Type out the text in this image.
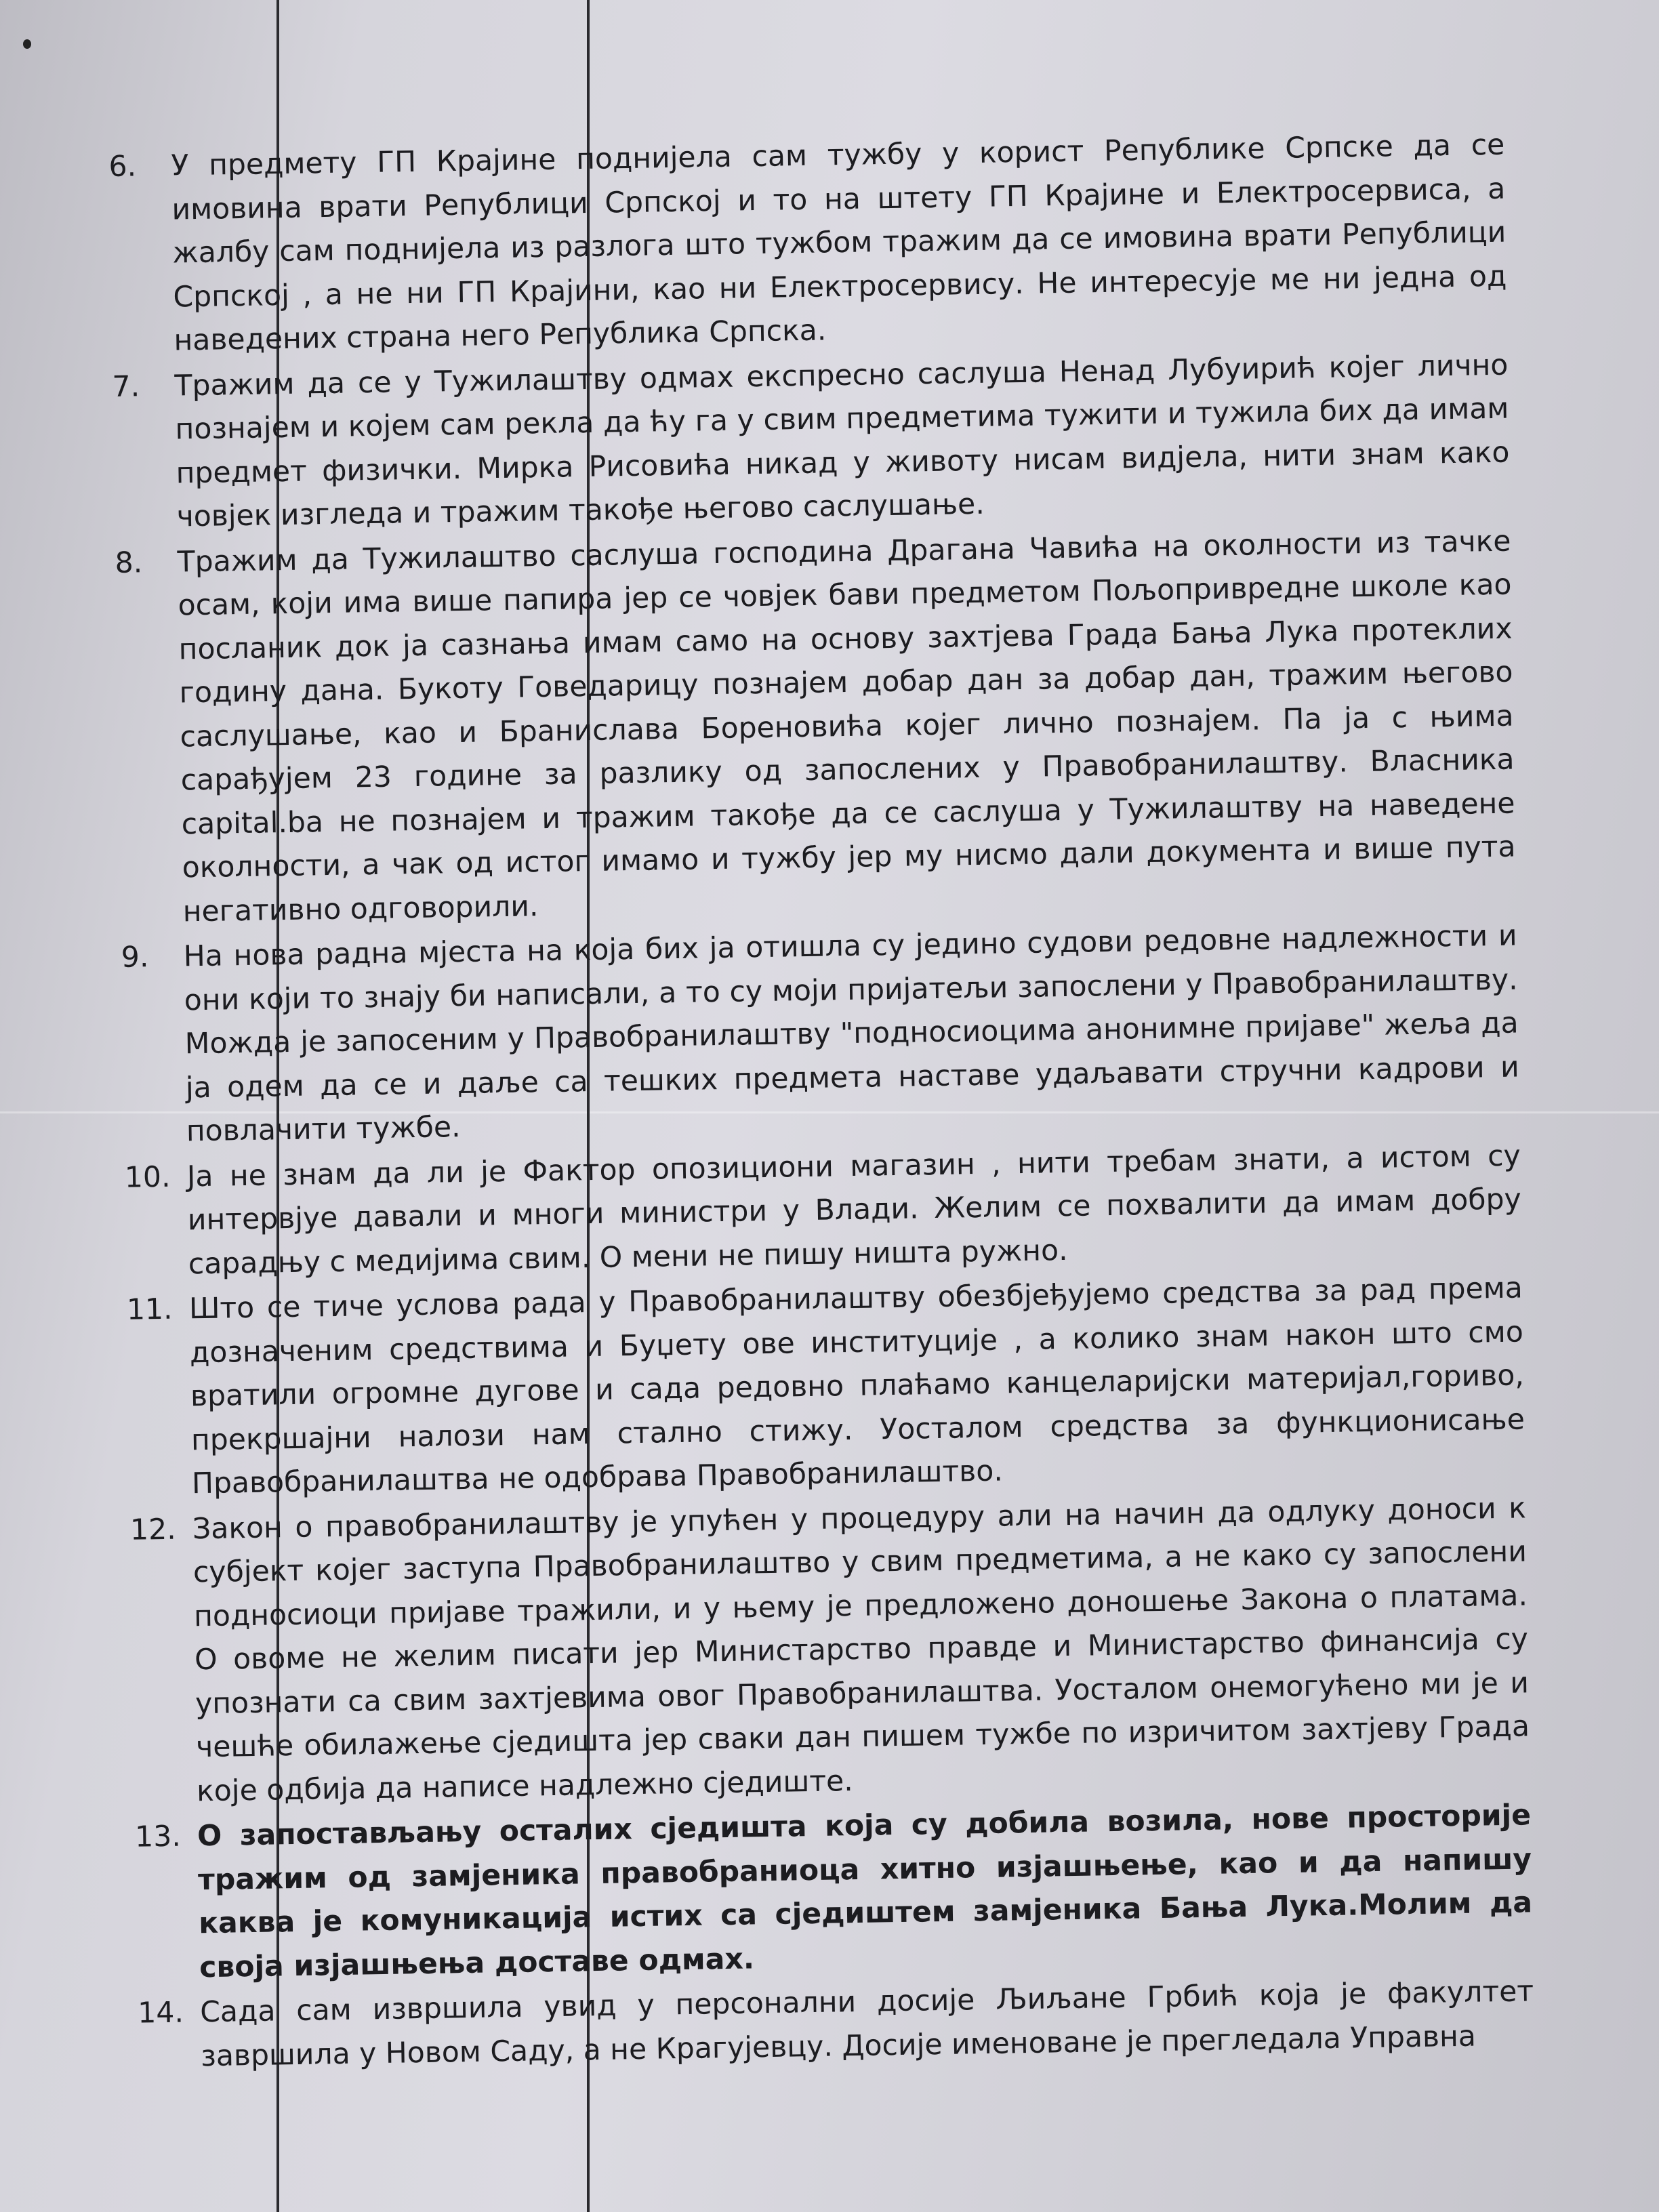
6.	У предмету ГП Крајине поднијела сам тужбу у корист Републике Српске да се имовина врати Републици Српској и то на штету ГП Крајине и Електросервиса, а жалбу сам поднијела из разлога што тужбом тражим да се имовина врати Републици Српској , а не ни ГП Крајини, као ни Електросервису. Не интересује ме ни једна од наведених страна него Република Српска.
7.	Тражим да се у Тужилаштву одмах експресно саслуша Ненад Лубуирић којег лично познајем и којем сам рекла да ћу га у свим предметима тужити и тужила бих да имам предмет физички. Мирка Рисовића никад у животу нисам видјела, нити знам како човјек изгледа и тражим такође његово саслушање.
8.	Тражим да Тужилаштво саслуша господина Драгана Чавића на околности из тачке осам, који има више папира јер се човјек бави предметом Пољопривредне школе као посланик док ја сазнања имам само на основу захтјева Града Бања Лука протеклих годину дана. Букоту Говедарицу познајем добар дан за добар дан, тражим његово саслушање, као и Бранислава Бореновића којег лично познајем. Па ја с њима сарађујем 23 године за разлику од запослених у Правобранилаштву. Власника capital.ba не познајем и тражим такође да се саслуша у Тужилаштву на наведене околности, а чак од истог имамо и тужбу јер му нисмо дали документа и више пута негативно одговорили.
9.	На нова радна мјеста на која бих ја отишла су једино судови редовне надлежности и они који то знају би написали, а то су моји пријатељи запослени у Правобранилаштву. Можда је запосеним у Правобранилаштву "подносиоцима анонимне пријаве" жеља да ја одем да се и даље са тешких предмета наставе удаљавати стручни кадрови и повлачити тужбе.
10. Ја не знам да ли је Фактор опозициони магазин , нити требам знати, а истом су интервјуе давали и многи министри у Влади. Желим се похвалити да имам добру сарадњу с медијима свим. О мени не пишу ништа ружно.
11. Што се тиче услова рада у Правобранилаштву обезбјеђујемо средства за рад према дозначеним средствима и Буџету ове институције , а колико знам након што смо вратили огромне дугове и сада редовно плаћамо канцеларијски материјал,гориво, прекршајни налози нам стално стижу. Уосталом средства за функционисање Правобранилаштва не одобрава Правобранилаштво.
12. Закон о правобранилаштву је упућен у процедуру али на начин да одлуку доноси к субјект којег заступа Правобранилаштво у свим предметима, а не како су запослени подносиоци пријаве тражили, и у њему је предложено доношење Закона о платама. О овоме не желим писати јер Министарство правде и Министарство финансија су упознати са свим захтјевима овог Правобранилаштва. Уосталом онемогућено ми је и чешће обилажење сједишта јер сваки дан пишем тужбе по изричитом захтјеву Града које одбија да написе надлежно сједиште.
13. О запостављању осталих сједишта која су добила возила, нове просторије тражим од замјеника правобраниоца хитно изјашњење, као и да напишу каква је комуникација истих са сједиштем замјеника Бања Лука.Молим да своја изјашњења доставе одмах.
14. Сада сам извршила увид у персонални досије Љиљане Грбић која је факултет завршила у Новом Саду, а не Крагујевцу. Досије именоване је прегледала Управна
